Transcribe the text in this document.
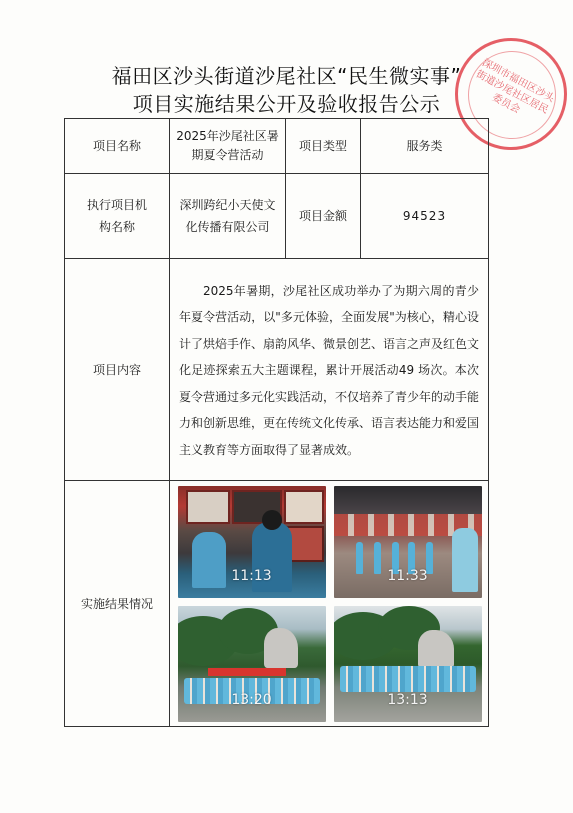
福田区沙头街道沙尾社区“民生微实事”
项目实施结果公开及验收报告公示	深圳市福田区沙头街道沙尾社区居民委员会
项目名称	2025年沙尾社区暑期夏令营活动	项目类型	服务类
执行项目机构名称	深圳跨纪小天使文化传播有限公司	项目金额	94523
项目内容	2025年暑期，沙尾社区成功举办了为期六周的青少年夏令营活动，以"多元体验，全面发展"为核心，精心设计了烘焙手作、扇韵风华、微景创艺、语言之声及红色文化足迹探索五大主题课程，累计开展活动49 场次。本次夏令营通过多元化实践活动，不仅培养了青少年的动手能力和创新思维，更在传统文化传承、语言表达能力和爱国主义教育等方面取得了显著成效。		
实施结果情况	11:13 11:33
13:20 13:13		
